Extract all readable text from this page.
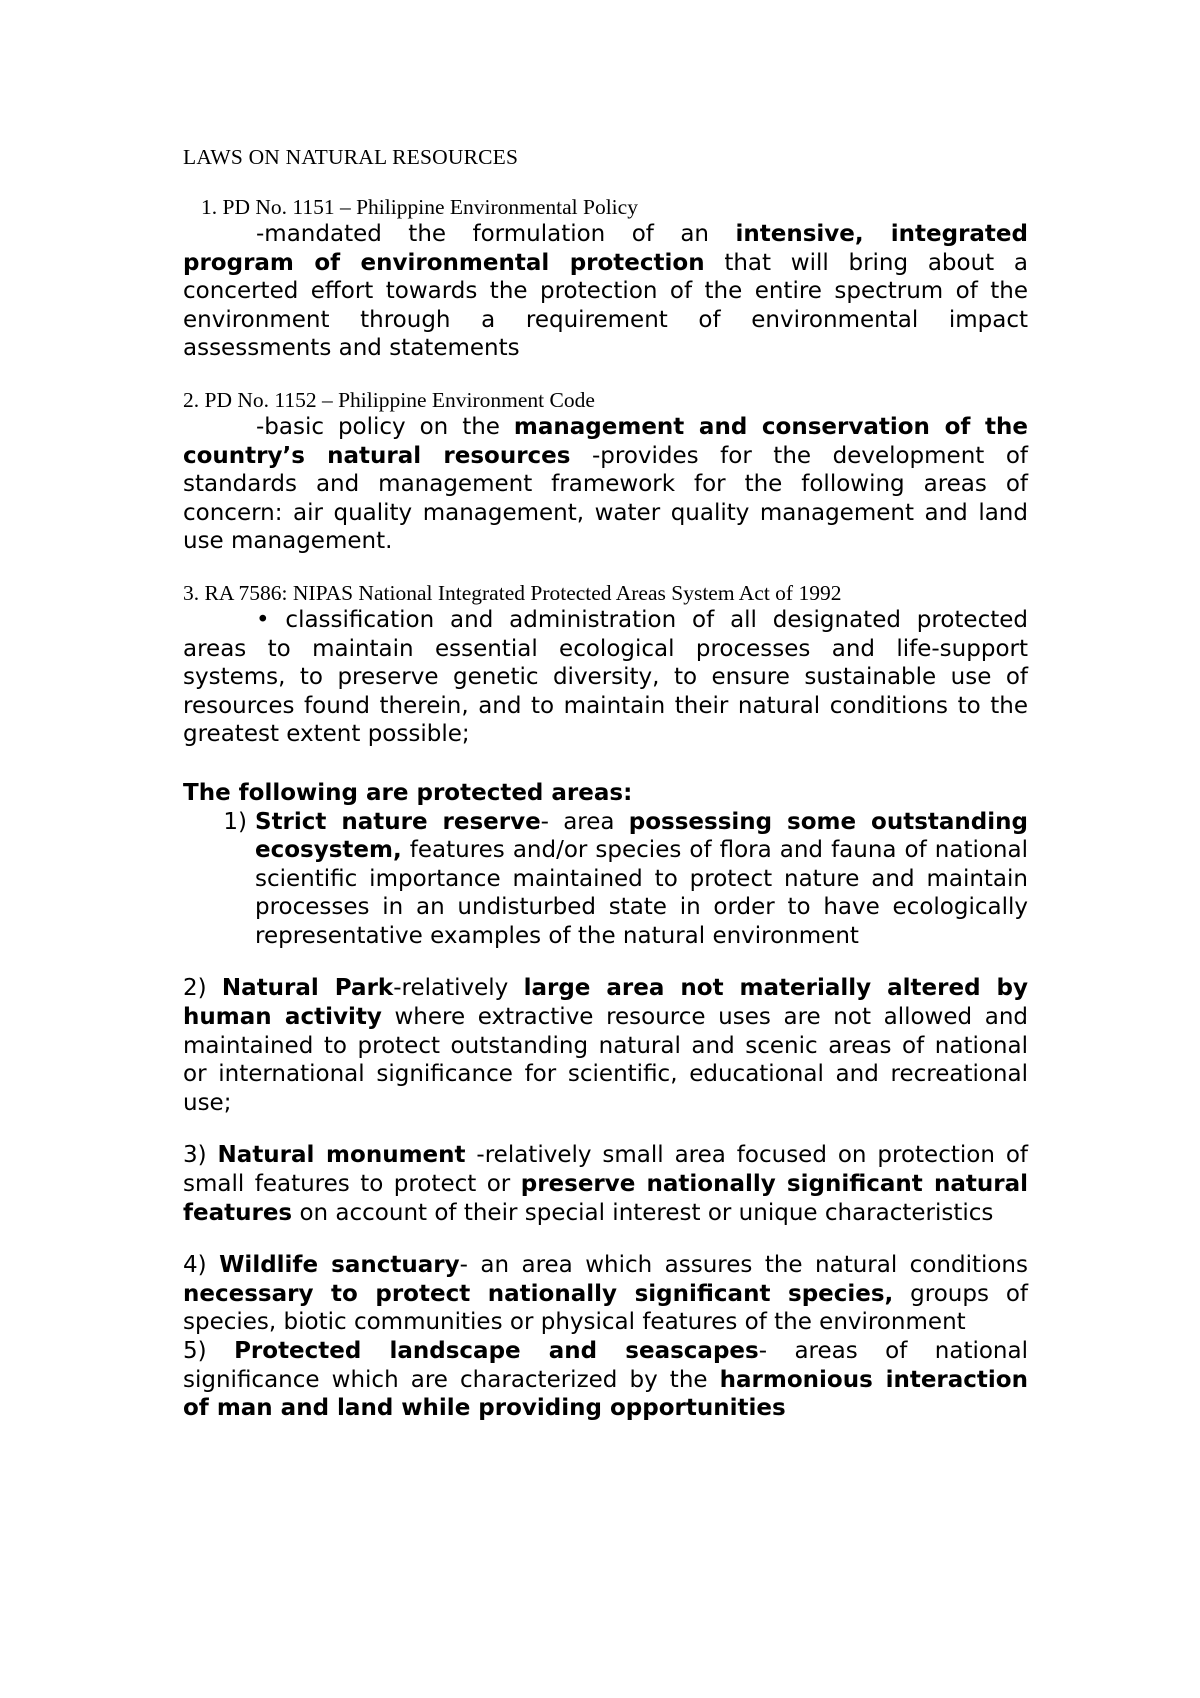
LAWS ON NATURAL RESOURCES

1. PD No. 1151 – Philippine Environmental Policy

-mandated the formulation of an intensive, integrated program of environmental protection that will bring about a concerted effort towards the protection of the entire spectrum of the environment through a requirement of environmental impact assessments and statements

2. PD No. 1152 – Philippine Environment Code

-basic policy on the management and conservation of the country’s natural resources -provides for the development of standards and management framework for the following areas of concern: air quality management, water quality management and land use management.

3. RA 7586: NIPAS National Integrated Protected Areas System Act of 1992

• classification and administration of all designated protected areas to maintain essential ecological processes and life-support systems, to preserve genetic diversity, to ensure sustainable use of resources found therein, and to maintain their natural conditions to the greatest extent possible;

The following are protected areas:

1) Strict nature reserve- area possessing some outstanding ecosystem, features and/or species of flora and fauna of national scientific importance maintained to protect nature and maintain processes in an undisturbed state in order to have ecologically representative examples of the natural environment

2) Natural Park-relatively large area not materially altered by human activity where extractive resource uses are not allowed and maintained to protect outstanding natural and scenic areas of national or international significance for scientific, educational and recreational use;

3) Natural monument -relatively small area focused on protection of small features to protect or preserve nationally significant natural features on account of their special interest or unique characteristics

4) Wildlife sanctuary- an area which assures the natural conditions necessary to protect nationally significant species, groups of species, biotic communities or physical features of the environment

5) Protected landscape and seascapes- areas of national significance which are characterized by the harmonious interaction of man and land while providing opportunities
